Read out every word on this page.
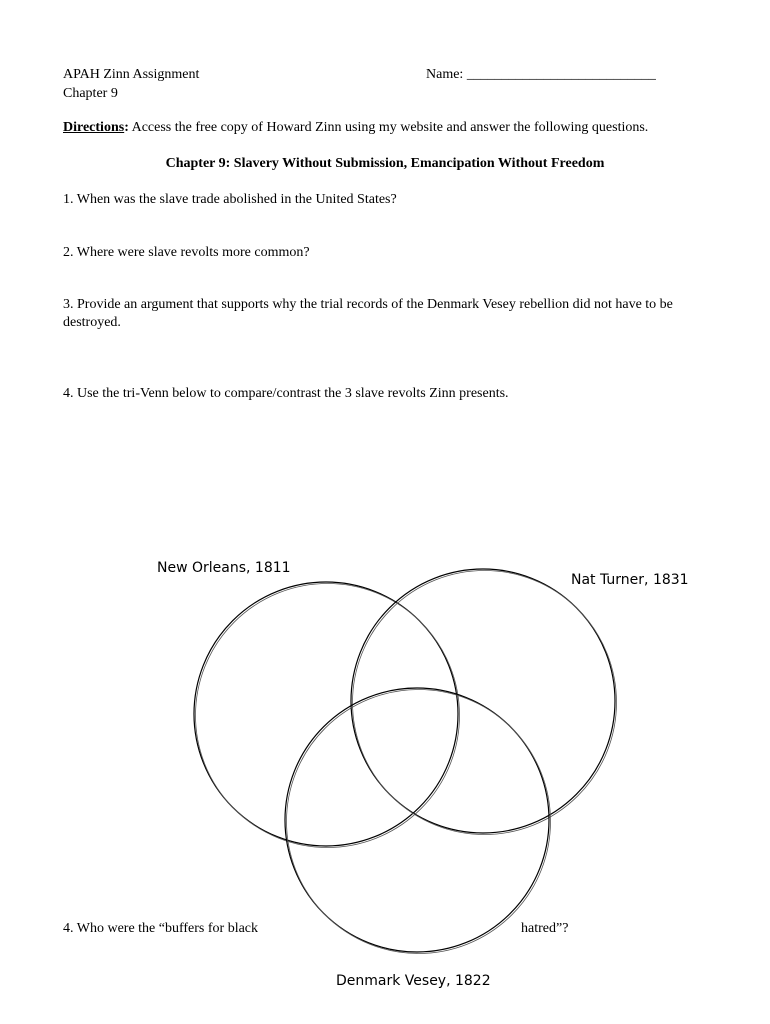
APAH Zinn Assignment	Name: ___________________________
Chapter 9
Directions: Access the free copy of Howard Zinn using my website and answer the following questions.
Chapter 9: Slavery Without Submission, Emancipation Without Freedom
1. When was the slave trade abolished in the United States?
2. Where were slave revolts more common?
3. Provide an argument that supports why the trial records of the Denmark Vesey rebellion did not have to be destroyed.
4. Use the tri-Venn below to compare/contrast the 3 slave revolts Zinn presents.
New Orleans, 1811
Nat Turner, 1831
Denmark Vesey, 1822
4. Who were the “buffers for black	hatred”?
